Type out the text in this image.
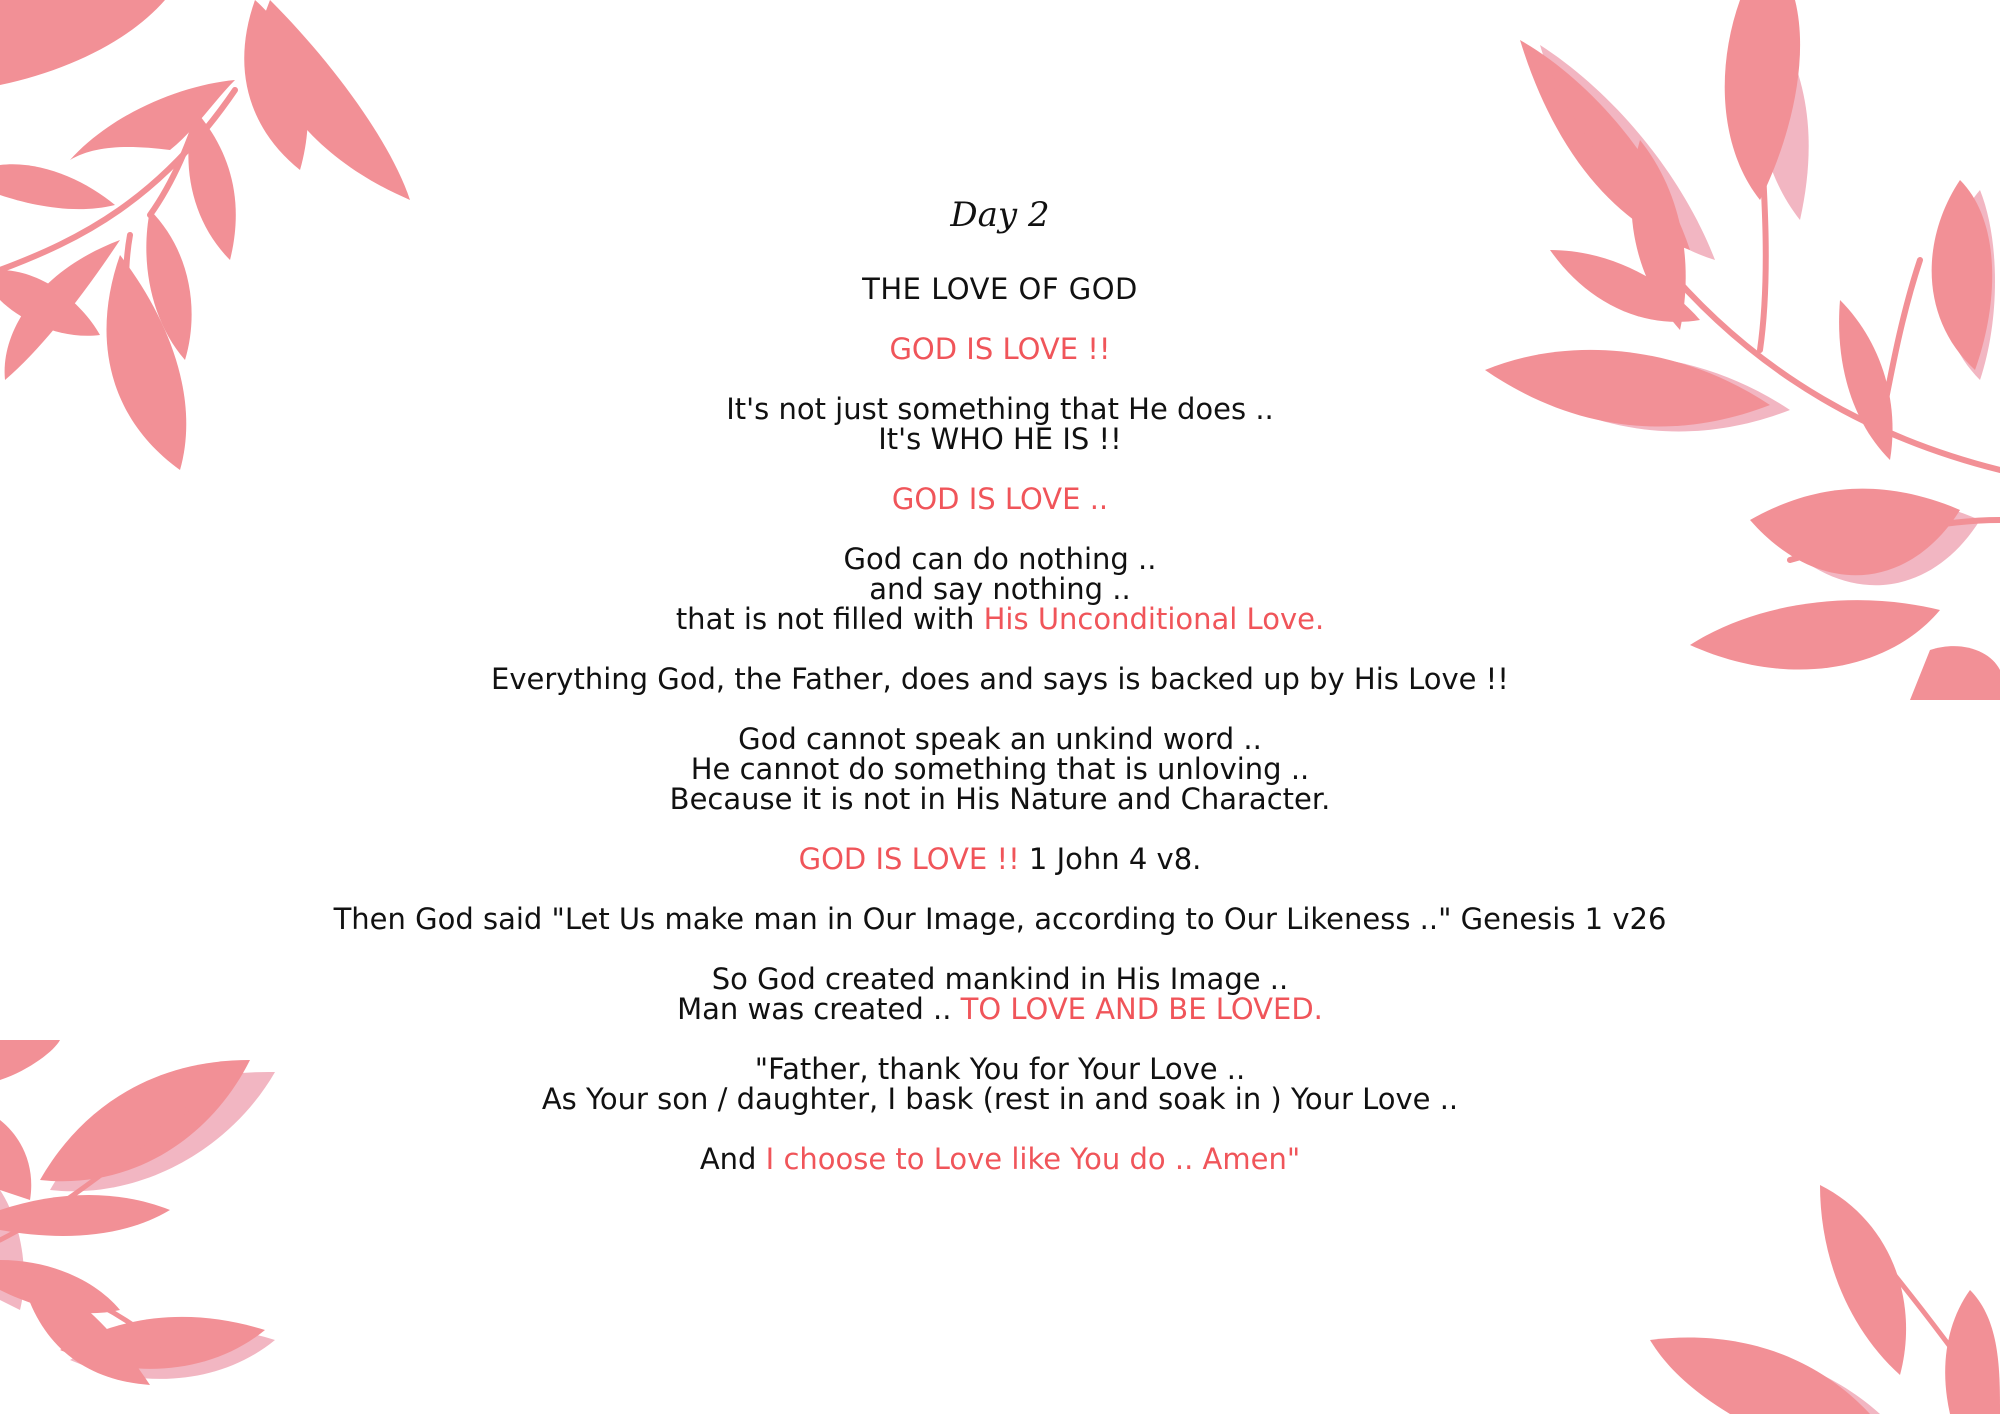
Day 2
THE LOVE OF GOD
GOD IS LOVE !!
It's not just something that He does ..
It's WHO HE IS !!
GOD IS LOVE ..
God can do nothing ..
and say nothing ..
that is not filled with His Unconditional Love.
Everything God, the Father, does and says is backed up by His Love !!
God cannot speak an unkind word ..
He cannot do something that is unloving ..
Because it is not in His Nature and Character.
GOD IS LOVE !! 1 John 4 v8.
Then God said "Let Us make man in Our Image, according to Our Likeness .." Genesis 1 v26
So God created mankind in His Image ..
Man was created .. TO LOVE AND BE LOVED.
"Father, thank You for Your Love ..
As Your son / daughter, I bask (rest in and soak in ) Your Love ..
And I choose to Love like You do .. Amen"
